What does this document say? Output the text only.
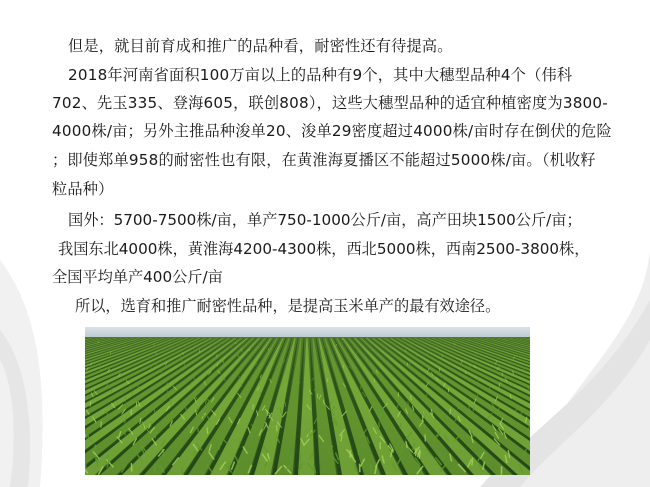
但是，就目前育成和推广的品种看，耐密性还有待提高。
2018年河南省面积100万亩以上的品种有9个，其中大穗型品种4个（伟科
702、先玉335、登海605，联创808），这些大穗型品种的适宜种植密度为3800-
4000株/亩；另外主推品种浚单20、浚单29密度超过4000株/亩时存在倒伏的危险
；即使郑单958的耐密性也有限，在黄淮海夏播区不能超过5000株/亩。（机收籽
粒品种）
国外：5700-7500株/亩，单产750-1000公斤/亩，高产田块1500公斤/亩；
我国东北4000株，黄淮海4200-4300株，西北5000株，西南2500-3800株，
全国平均单产400公斤/亩
所以，选育和推广耐密性品种，是提高玉米单产的最有效途径。
